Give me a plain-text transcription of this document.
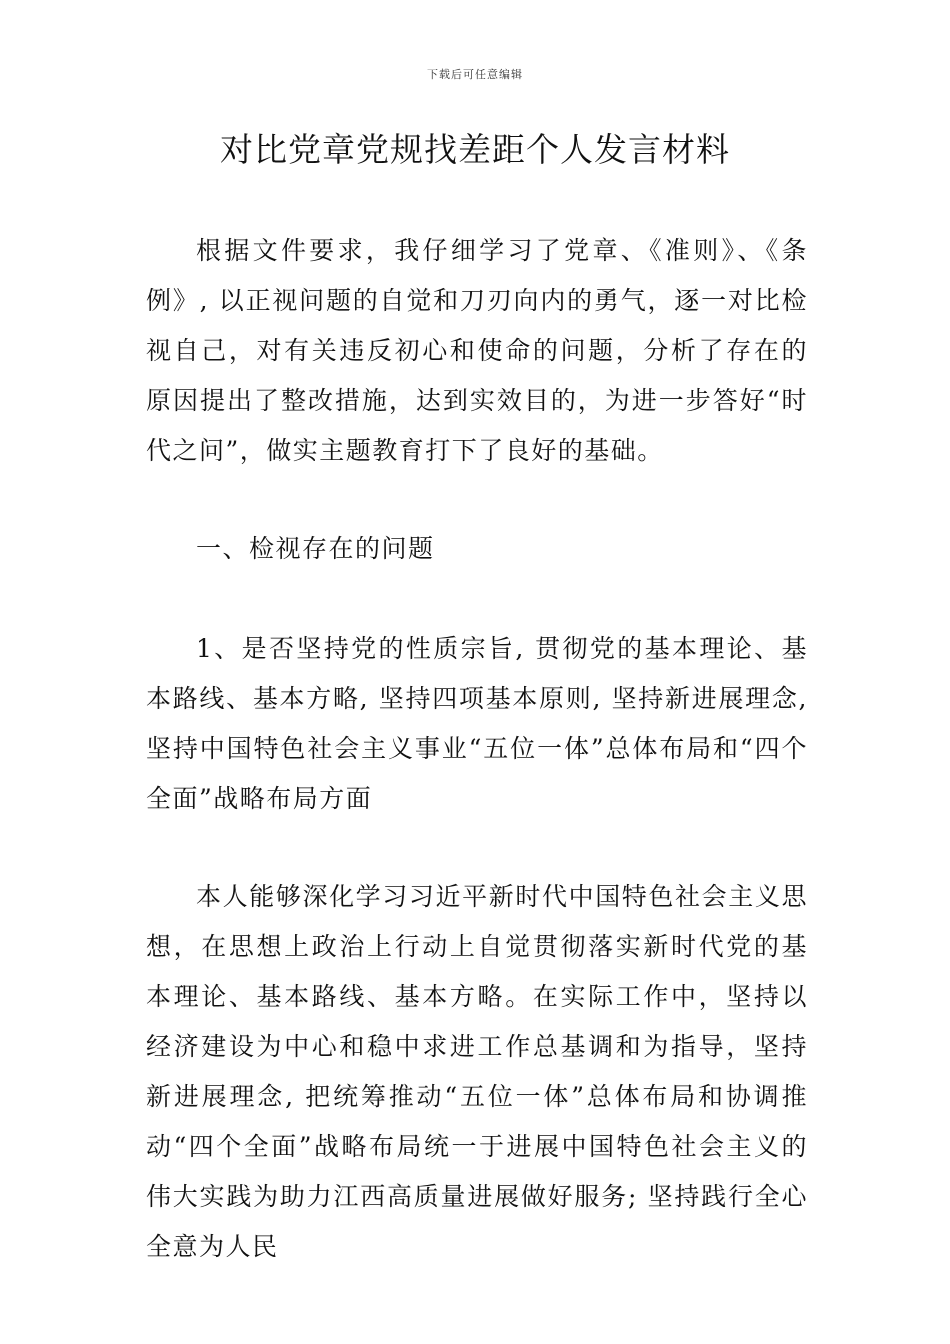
下载后可任意编辑
对比党章党规找差距个人发言材料

根据文件要求，我仔细学习了党章、《准则》、《条例》, 以正视问题的自觉和刀刃向内的勇气，逐一对比检视自己，对有关违反初心和使命的问题，分析了存在的原因提出了整改措施，达到实效目的，为进一步答好“时代之问”，做实主题教育打下了良好的基础。

一、检视存在的问题

1、是否坚持党的性质宗旨, 贯彻党的基本理论、基本路线、基本方略, 坚持四项基本原则, 坚持新进展理念, 坚持中国特色社会主义事业“五位一体”总体布局和“四个全面”战略布局方面

本人能够深化学习习近平新时代中国特色社会主义思想，在思想上政治上行动上自觉贯彻落实新时代党的基本理论、基本路线、基本方略。在实际工作中，坚持以经济建设为中心和稳中求进工作总基调和为指导，坚持新进展理念, 把统筹推动“五位一体”总体布局和协调推动“四个全面”战略布局统一于进展中国特色社会主义的伟大实践为助力江西高质量进展做好服务; 坚持践行全心全意为人民
